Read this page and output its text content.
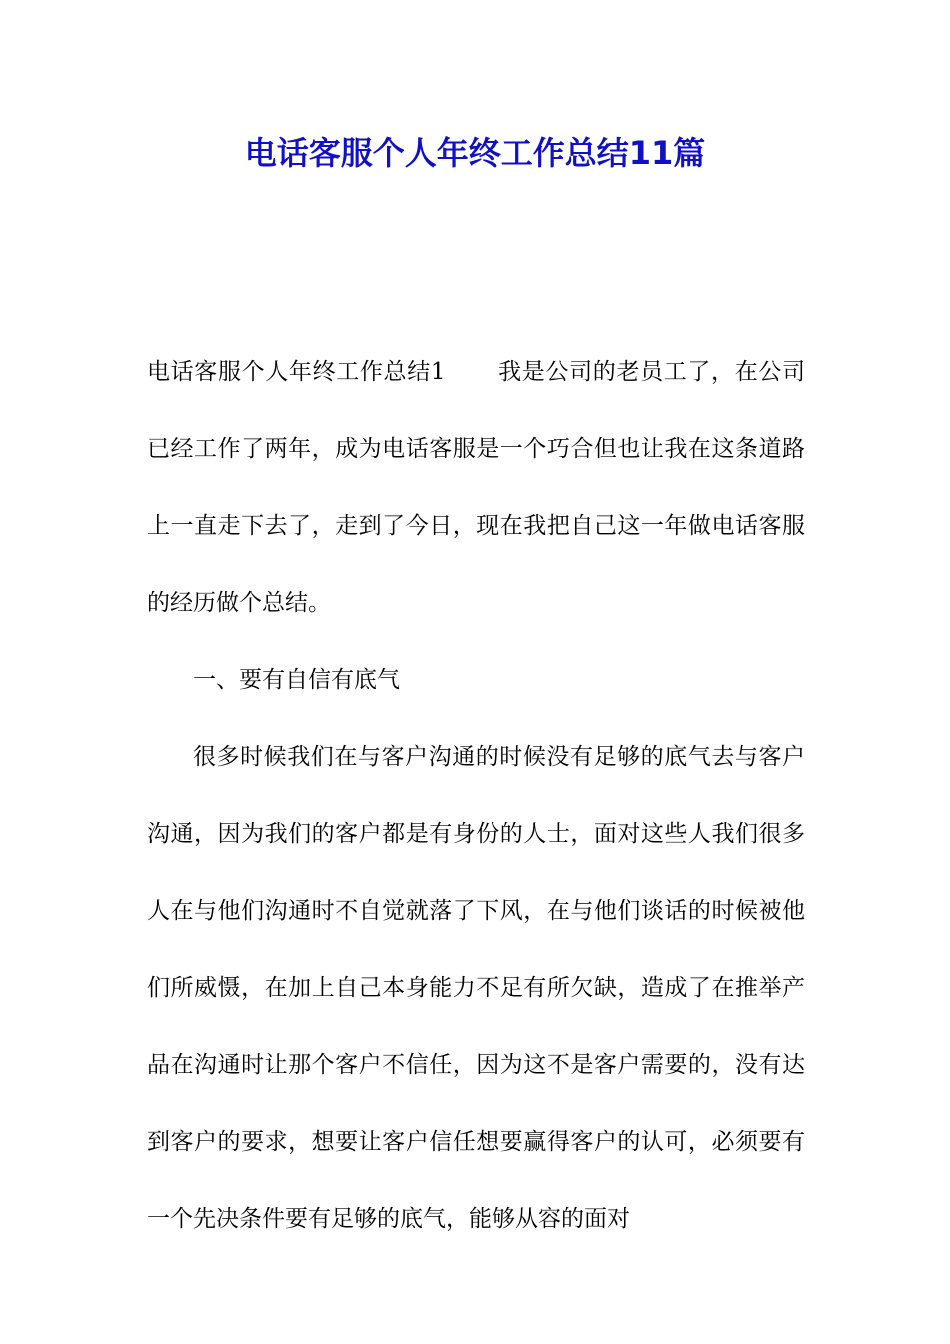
电话客服个人年终工作总结11篇

电话客服个人年终工作总结1 我是公司的老员工了，在公司已经工作了两年，成为电话客服是一个巧合但也让我在这条道路上一直走下去了，走到了今日，现在我把自己这一年做电话客服的经历做个总结。

一、要有自信有底气

很多时候我们在与客户沟通的时候没有足够的底气去与客户沟通，因为我们的客户都是有身份的人士，面对这些人我们很多人在与他们沟通时不自觉就落了下风，在与他们谈话的时候被他们所威慑，在加上自己本身能力不足有所欠缺，造成了在推举产品在沟通时让那个客户不信任，因为这不是客户需要的，没有达到客户的要求，想要让客户信任想要赢得客户的认可，必须要有一个先决条件要有足够的底气，能够从容的面对
